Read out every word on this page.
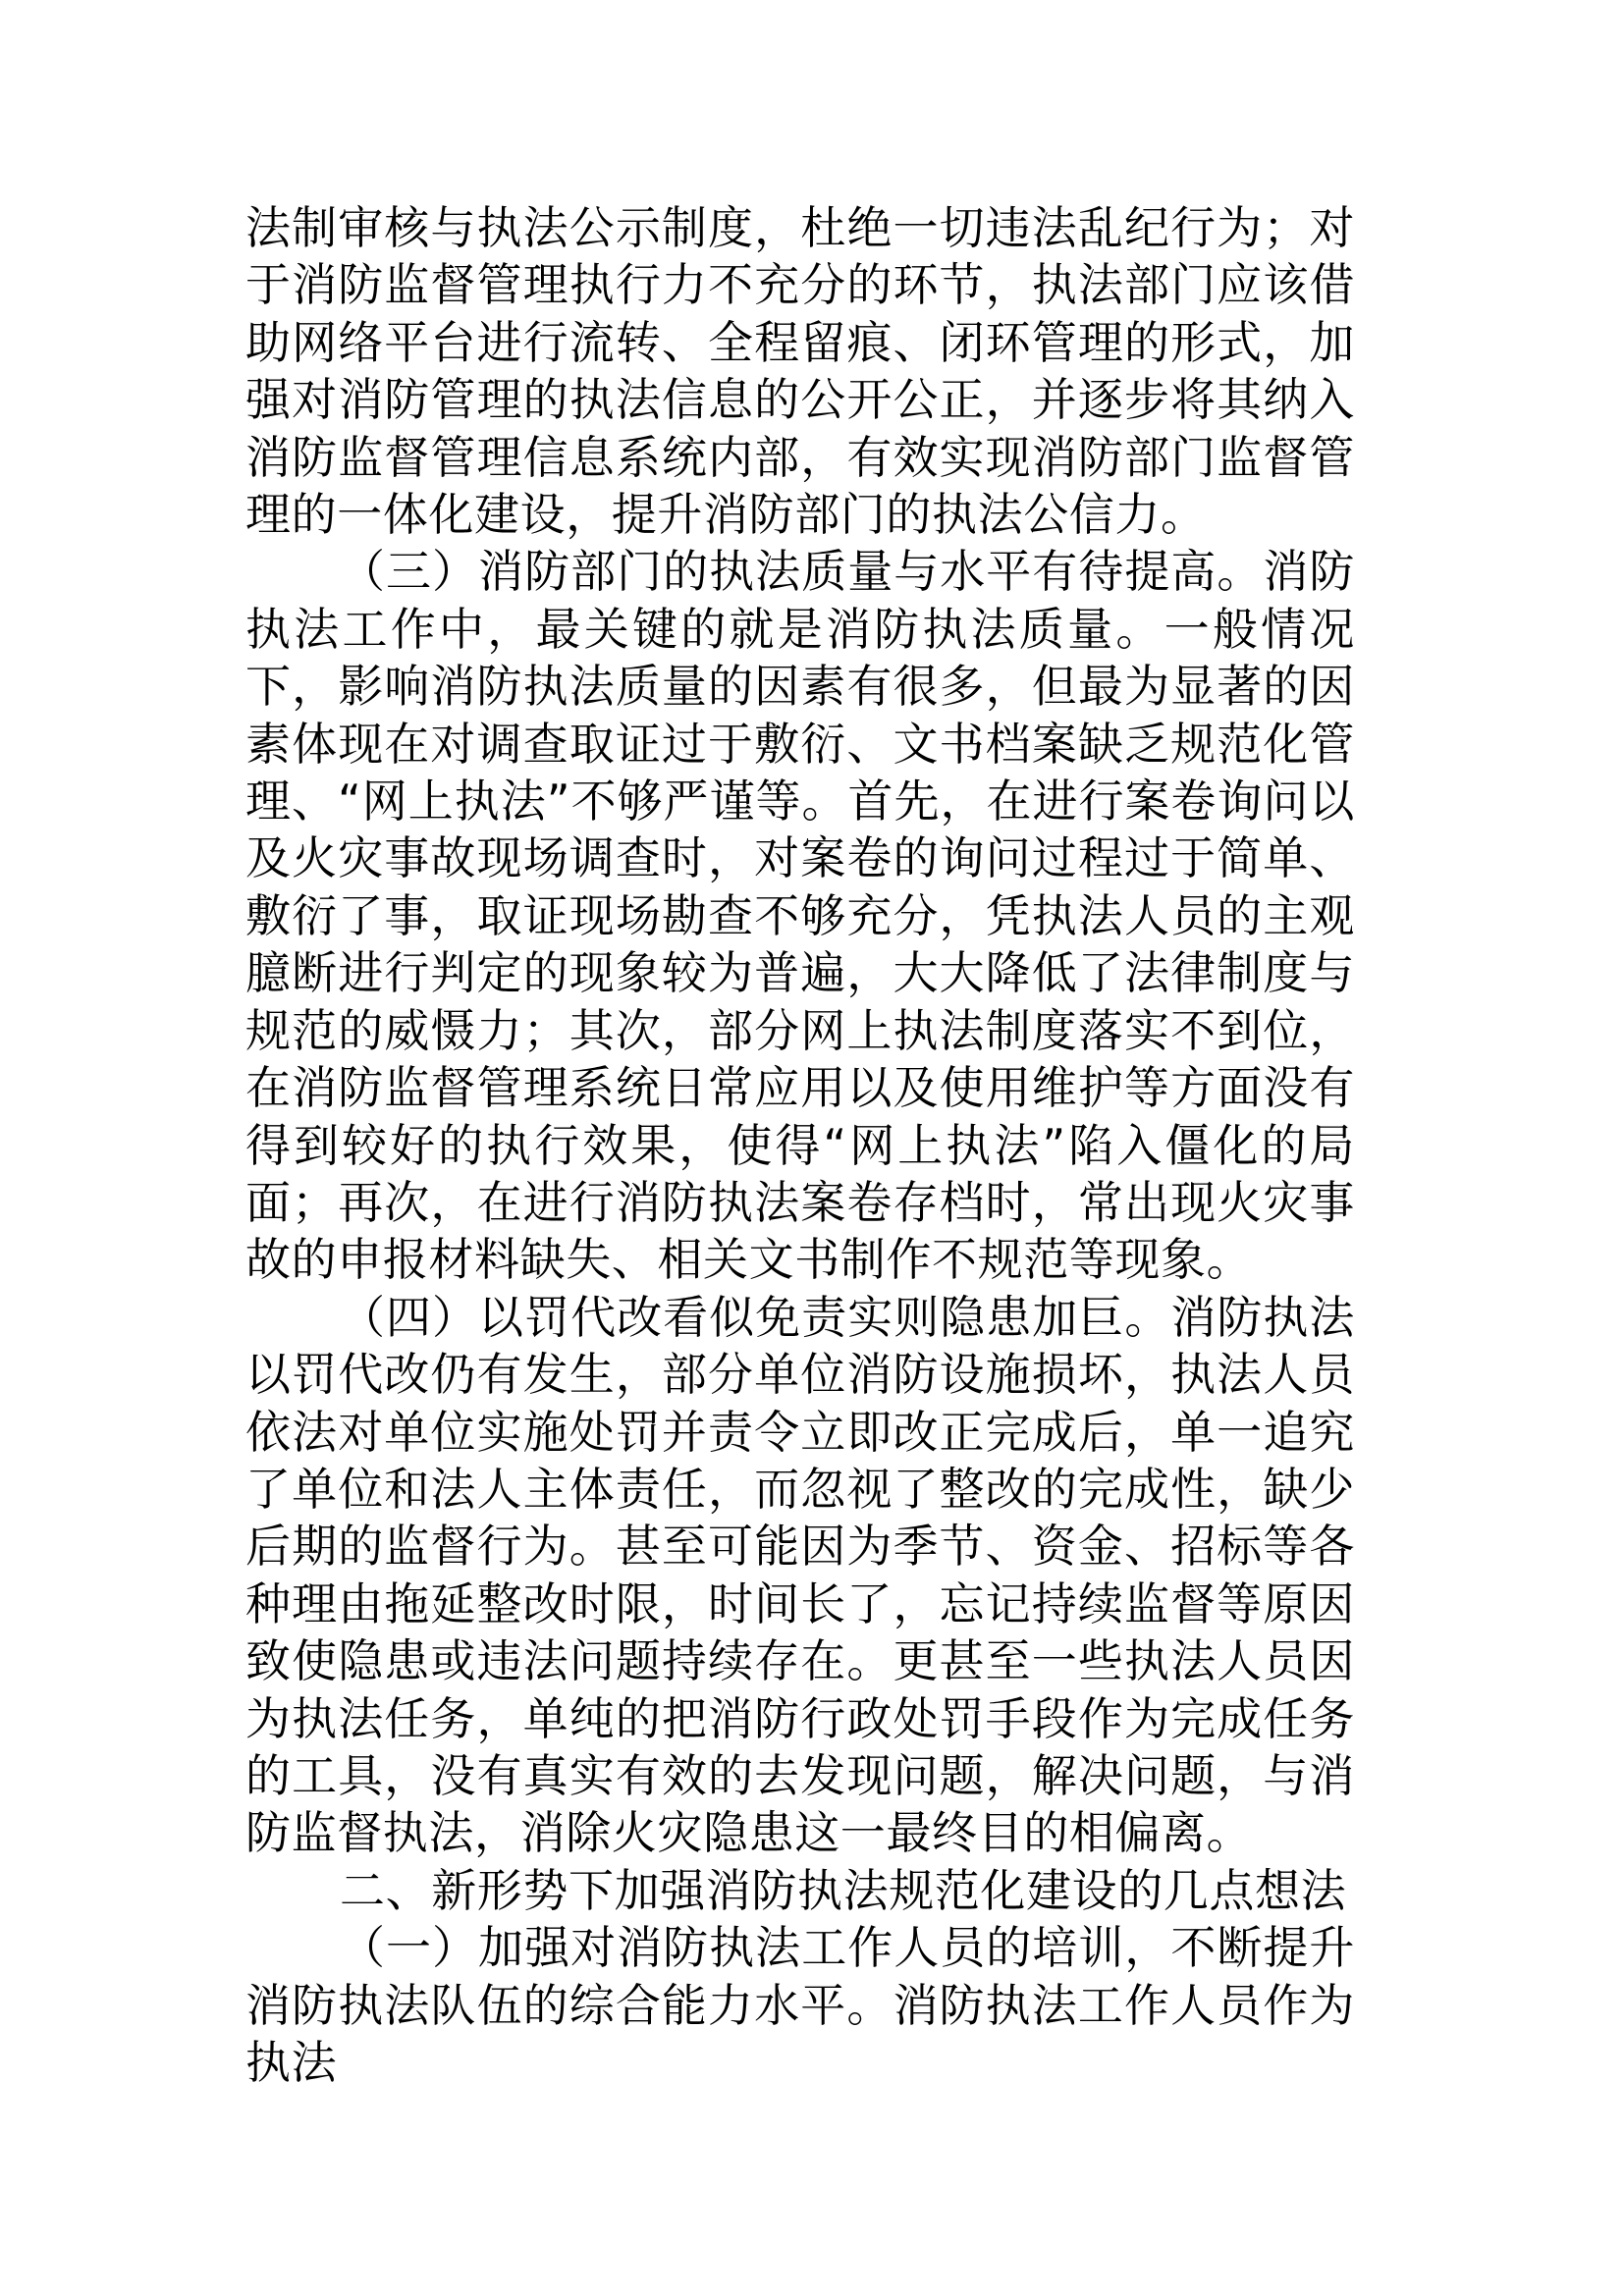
法制审核与执法公示制度，杜绝一切违法乱纪行为；对于消防监督管理执行力不充分的环节，执法部门应该借助网络平台进行流转、全程留痕、闭环管理的形式，加强对消防管理的执法信息的公开公正，并逐步将其纳入消防监督管理信息系统内部，有效实现消防部门监督管理的一体化建设，提升消防部门的执法公信力。

（三）消防部门的执法质量与水平有待提高。消防执法工作中，最关键的就是消防执法质量。一般情况下，影响消防执法质量的因素有很多，但最为显著的因素体现在对调查取证过于敷衍、文书档案缺乏规范化管理、“网上执法”不够严谨等。首先，在进行案卷询问以及火灾事故现场调查时，对案卷的询问过程过于简单、敷衍了事，取证现场勘查不够充分，凭执法人员的主观臆断进行判定的现象较为普遍，大大降低了法律制度与规范的威慑力；其次，部分网上执法制度落实不到位，在消防监督管理系统日常应用以及使用维护等方面没有得到较好的执行效果，使得“网上执法”陷入僵化的局面；再次，在进行消防执法案卷存档时，常出现火灾事故的申报材料缺失、相关文书制作不规范等现象。

（四）以罚代改看似免责实则隐患加巨。消防执法以罚代改仍有发生，部分单位消防设施损坏，执法人员依法对单位实施处罚并责令立即改正完成后，单一追究了单位和法人主体责任，而忽视了整改的完成性，缺少后期的监督行为。甚至可能因为季节、资金、招标等各种理由拖延整改时限，时间长了，忘记持续监督等原因致使隐患或违法问题持续存在。更甚至一些执法人员因为执法任务，单纯的把消防行政处罚手段作为完成任务的工具，没有真实有效的去发现问题，解决问题，与消防监督执法，消除火灾隐患这一最终目的相偏离。

二、新形势下加强消防执法规范化建设的几点想法

（一）加强对消防执法工作人员的培训，不断提升消防执法队伍的综合能力水平。消防执法工作人员作为执法
